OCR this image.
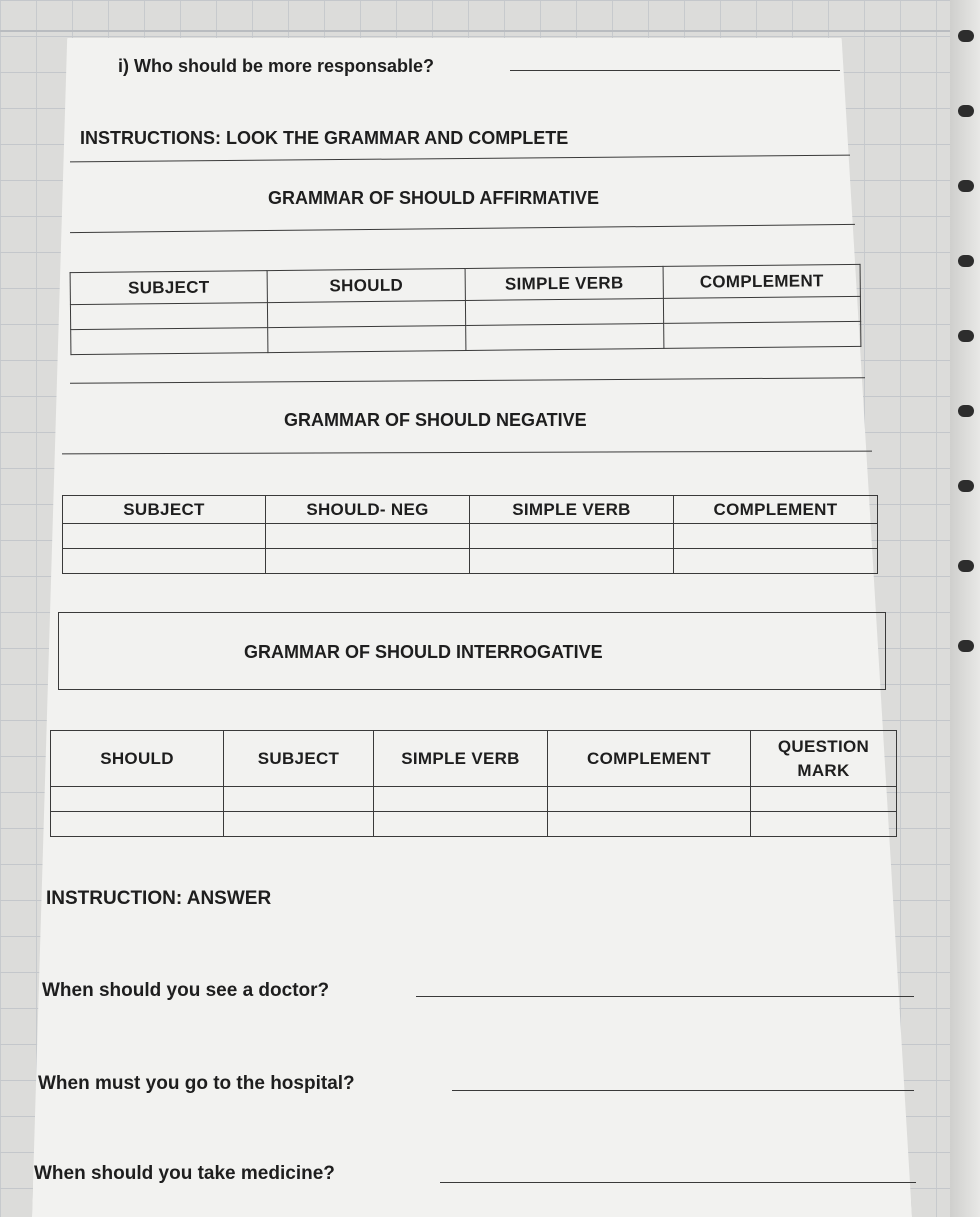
i) Who should be more responsable?
INSTRUCTIONS: LOOK THE GRAMMAR AND COMPLETE
GRAMMAR OF SHOULD AFFIRMATIVE
SUBJECT	SHOULD	SIMPLE VERB	COMPLEMENT

GRAMMAR OF SHOULD NEGATIVE
SUBJECT	SHOULD- NEG	SIMPLE VERB	COMPLEMENT

GRAMMAR OF SHOULD INTERROGATIVE
SHOULD	SUBJECT	SIMPLE VERB	COMPLEMENT	QUESTION MARK

INSTRUCTION: ANSWER
When should you see a doctor?
When must you go to the hospital?
When should you take medicine?
